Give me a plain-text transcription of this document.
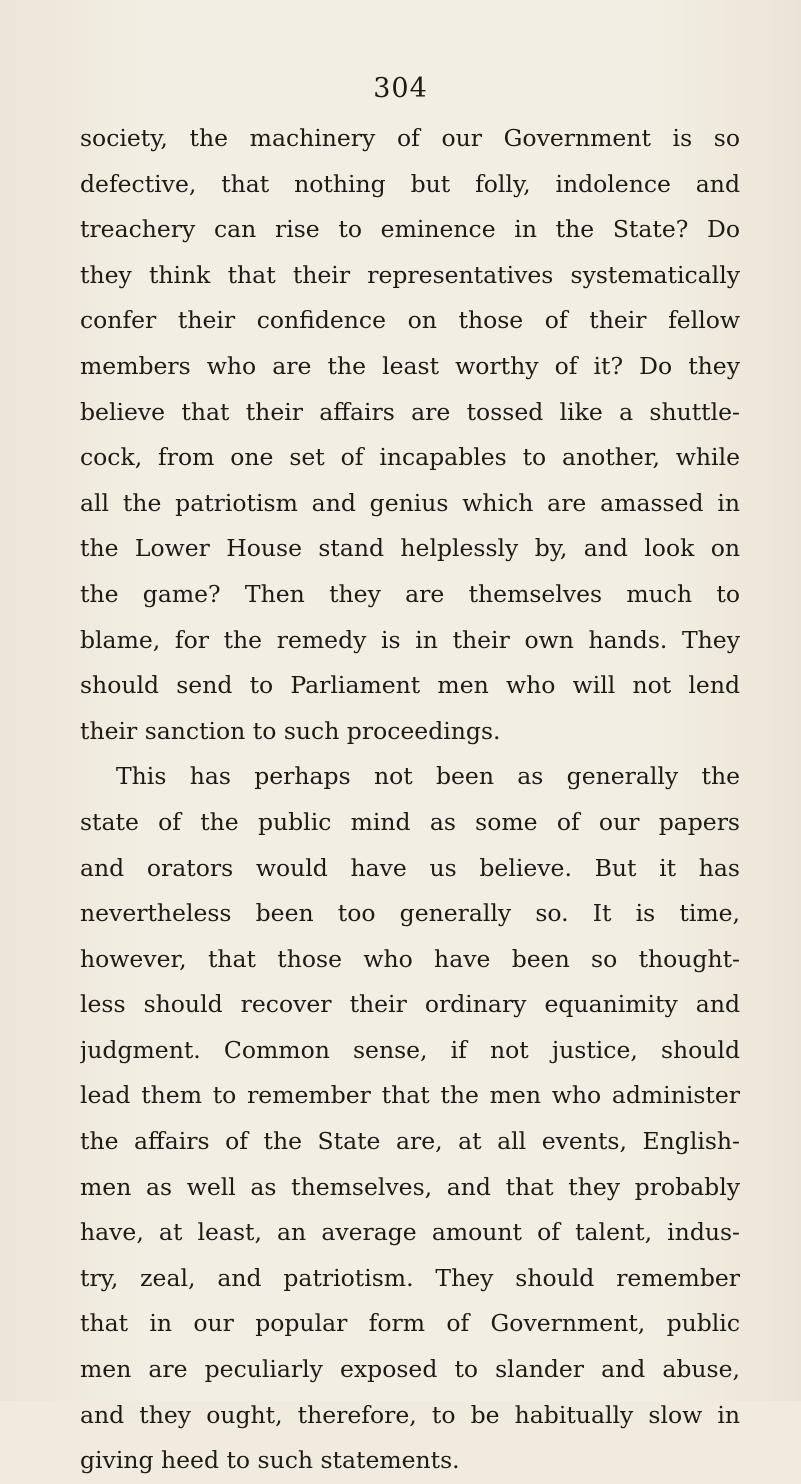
304
society, the machinery of our Government is so
defective, that nothing but folly, indolence and
treachery can rise to eminence in the State? Do
they think that their representatives systematically
confer their confidence on those of their fellow
members who are the least worthy of it? Do they
believe that their affairs are tossed like a shuttle-
cock, from one set of incapables to another, while
all the patriotism and genius which are amassed in
the Lower House stand helplessly by, and look on
the game? Then they are themselves much to
blame, for the remedy is in their own hands. They
should send to Parliament men who will not lend
their sanction to such proceedings.
This has perhaps not been as generally the
state of the public mind as some of our papers
and orators would have us believe. But it has
nevertheless been too generally so. It is time,
however, that those who have been so thought-
less should recover their ordinary equanimity and
judgment. Common sense, if not justice, should
lead them to remember that the men who administer
the affairs of the State are, at all events, English-
men as well as themselves, and that they probably
have, at least, an average amount of talent, indus-
try, zeal, and patriotism. They should remember
that in our popular form of Government, public
men are peculiarly exposed to slander and abuse,
and they ought, therefore, to be habitually slow in
giving heed to such statements.
